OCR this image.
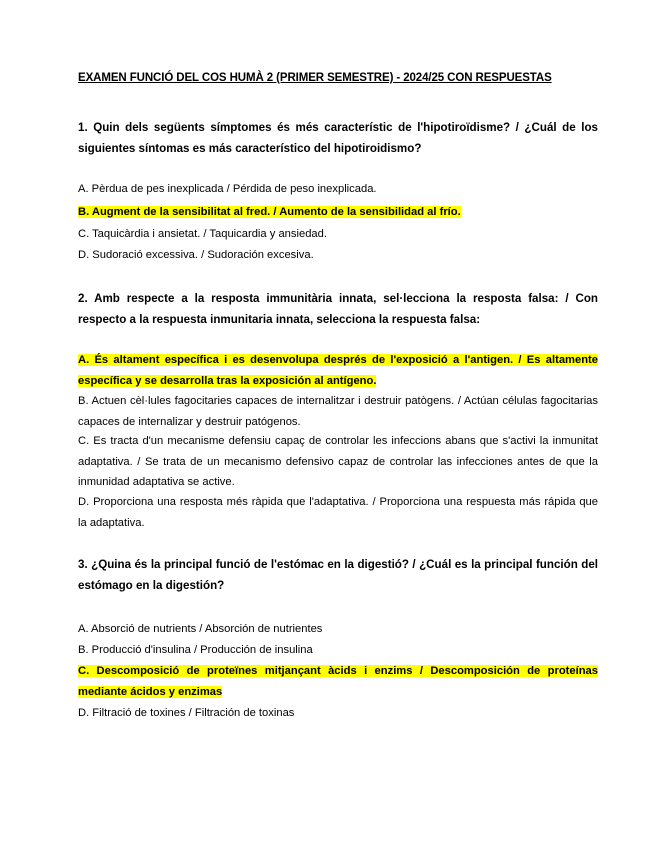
EXAMEN FUNCIÓ DEL COS HUMÀ 2 (PRIMER SEMESTRE) - 2024/25 CON RESPUESTAS
1. Quin dels següents símptomes és més característic de l'hipotiroïdisme? / ¿Cuál de los siguientes síntomas es más característico del hipotiroidismo?
A. Pèrdua de pes inexplicada / Pérdida de peso inexplicada.
B. Augment de la sensibilitat al fred. / Aumento de la sensibilidad al frío.
C. Taquicàrdia i ansietat. / Taquicardia y ansiedad.
D. Sudoració excessiva. / Sudoración excesiva.
2. Amb respecte a la resposta immunitària innata, sel·lecciona la resposta falsa: / Con respecto a la respuesta inmunitaria innata, selecciona la respuesta falsa:
A. És altament específica i es desenvolupa després de l'exposició a l'antigen. / Es altamente específica y se desarrolla tras la exposición al antígeno.
B. Actuen cèl·lules fagocitaries capaces de internalitzar i destruir patògens. / Actúan células fagocitarias capaces de internalizar y destruir patógenos.
C. Es tracta d'un mecanisme defensiu capaç de controlar les infeccions abans que s'activi la inmunitat adaptativa. / Se trata de un mecanismo defensivo capaz de controlar las infecciones antes de que la inmunidad adaptativa se active.
D. Proporciona una resposta més ràpida que l'adaptativa. / Proporciona una respuesta más rápida que la adaptativa.
3. ¿Quina és la principal funció de l'estómac en la digestió? / ¿Cuál es la principal función del estómago en la digestión?
A. Absorció de nutrients / Absorción de nutrientes
B. Producció d'insulina / Producción de insulina
C. Descomposició de proteïnes mitjançant àcids i enzims / Descomposición de proteínas mediante ácidos y enzimas
D. Filtració de toxines / Filtración de toxinas
